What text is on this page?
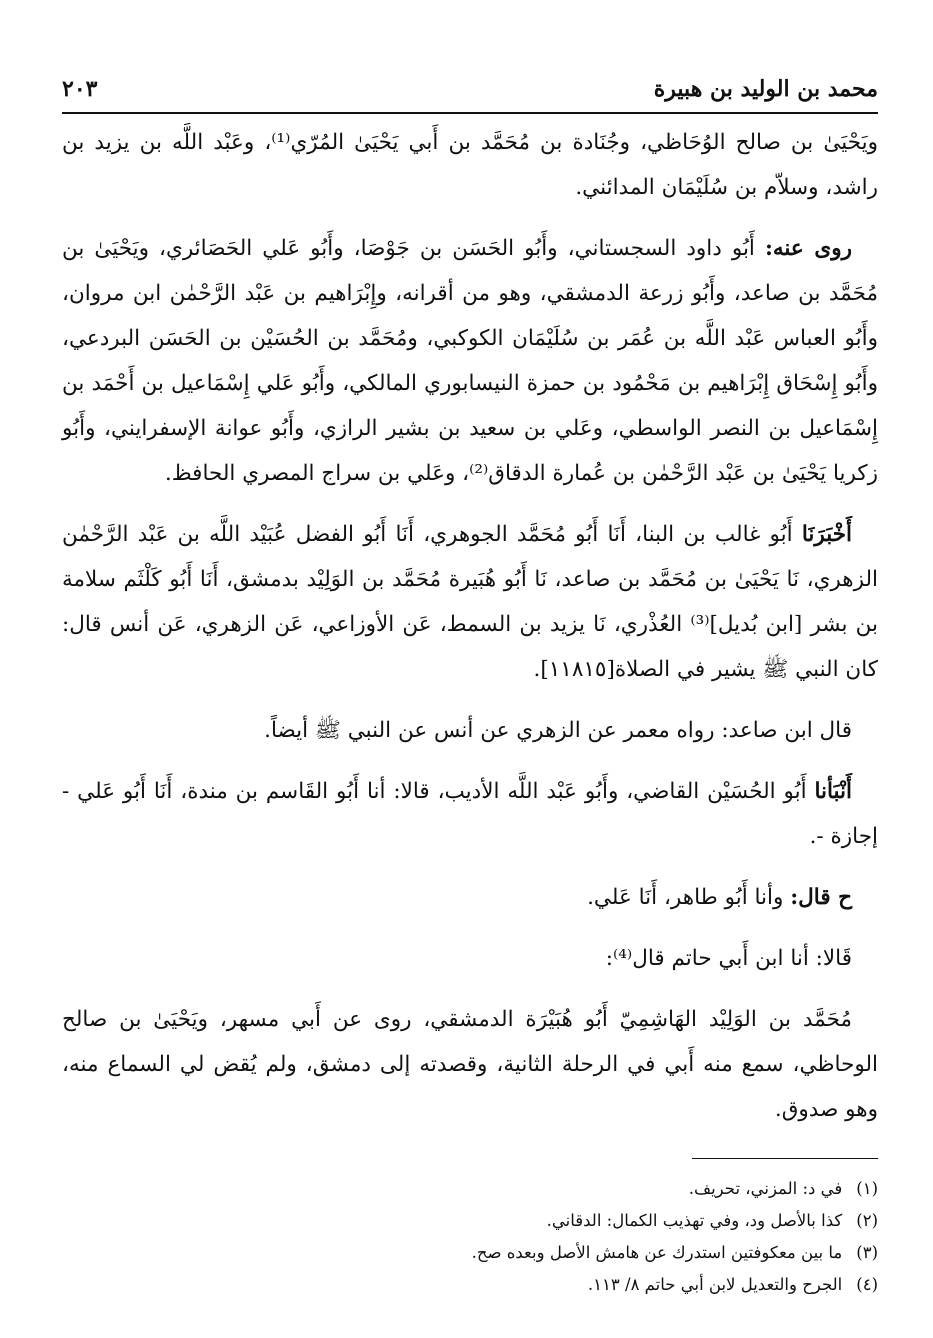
محمد بن الوليد بن هبيرة
٢٠٣

ويَحْيَىٰ بن صالح الوُحَاظي، وجُنَادة بن مُحَمَّد بن أَبي يَحْيَىٰ المُرّي⁽¹⁾، وعَبْد اللَّه بن يزيد بن راشد، وسلاّم بن سُلَيْمَان المدائني.

روى عنه: أَبُو داود السجستاني، وأَبُو الحَسَن بن جَوْصَا، وأَبُو عَلي الحَصَائري، ويَحْيَىٰ بن مُحَمَّد بن صاعد، وأَبُو زرعة الدمشقي، وهو من أقرانه، وإِبْرَاهيم بن عَبْد الرَّحْمٰن ابن مروان، وأَبُو العباس عَبْد اللَّه بن عُمَر بن سُلَيْمَان الكوكبي، ومُحَمَّد بن الحُسَيْن بن الحَسَن البردعي، وأَبُو إِسْحَاق إِبْرَاهيم بن مَحْمُود بن حمزة النيسابوري المالكي، وأَبُو عَلي إِسْمَاعيل بن أَحْمَد بن إِسْمَاعيل بن النصر الواسطي، وعَلي بن سعيد بن بشير الرازي، وأَبُو عوانة الإسفرايني، وأَبُو زكريا يَحْيَىٰ بن عَبْد الرَّحْمٰن بن عُمارة الدقاق⁽²⁾، وعَلي بن سراج المصري الحافظ.

أَخْبَرَنَا أَبُو غالب بن البنا، أَنَا أَبُو مُحَمَّد الجوهري، أَنَا أَبُو الفضل عُبَيْد اللَّه بن عَبْد الرَّحْمٰن الزهري، نَا يَحْيَىٰ بن مُحَمَّد بن صاعد، نَا أَبُو هُبَيرة مُحَمَّد بن الوَلِيْد بدمشق، أَنَا أَبُو كَلْثَم سلامة بن بشر [ابن بُديل]⁽³⁾ العُذْري، نَا يزيد بن السمط، عَن الأوزاعي، عَن الزهري، عَن أنس قال: كان النبي ﷺ يشير في الصلاة[١١٨١٥].

قال ابن صاعد: رواه معمر عن الزهري عن أنس عن النبي ﷺ أيضاً.

أَنْبَأنا أَبُو الحُسَيْن القاضي، وأَبُو عَبْد اللَّه الأديب، قالا: أنا أَبُو القَاسم بن مندة، أَنَا أَبُو عَلي - إجازة -.

ح قال: وأنا أَبُو طاهر، أَنَا عَلي.

قَالا: أنا ابن أَبي حاتم قال⁽⁴⁾:

مُحَمَّد بن الوَلِيْد الهَاشِمِيّ أَبُو هُبَيْرَة الدمشقي، روى عن أَبي مسهر، ويَحْيَىٰ بن صالح الوحاظي، سمع منه أَبي في الرحلة الثانية، وقصدته إلى دمشق، ولم يُقض لي السماع منه، وهو صدوق.

(١)
في د: المزني، تحريف.
(٢)
كذا بالأصل ود، وفي تهذيب الكمال: الدقاني.
(٣)
ما بين معكوفتين استدرك عن هامش الأصل وبعده صح.
(٤)
الجرح والتعديل لابن أبي حاتم ٨/ ١١٣.
